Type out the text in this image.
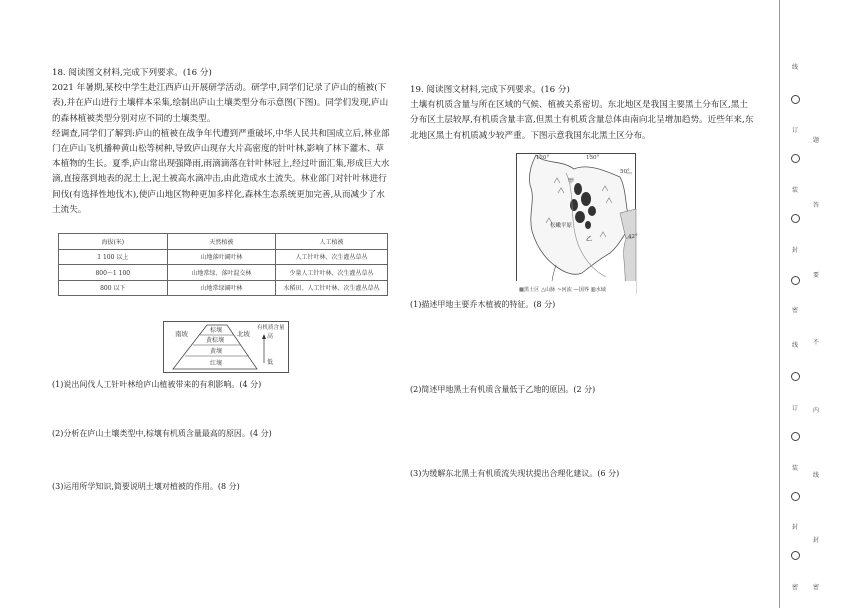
18. 阅读图文材料,完成下列要求。(16 分)

2021 年暑期,某校中学生赴江西庐山开展研学活动。研学中,同学们记录了庐山的植被(下表),并在庐山进行土壤样本采集,绘制出庐山土壤类型分布示意图(下图)。同学们发现,庐山的森林植被类型分别对应不同的土壤类型。

经调查,同学们了解到:庐山的植被在战争年代遭到严重破坏,中华人民共和国成立后,林业部门在庐山飞机播种黄山松等树种,导致庐山现存大片高密度的针叶林,影响了林下灌木、草本植物的生长。夏季,庐山常出现强降雨,雨滴滴落在针叶林冠上,经过叶面汇集,形成巨大水滴,直接落到地表的泥土上,泥土被高水滴冲击,由此造成水土流失。林业部门对针叶林进行间伐(有选择性地伐木),使庐山地区物种更加多样化,森林生态系统更加完善,从而减少了水土流失。

海拔(米)	天然植被	人工植被
1 100 以上	山地落叶阔叶林	人工针叶林、次生灌丛草丛
800～1 100	山地常绿、落叶混交林	少量人工针叶林、次生灌丛草丛
800 以下	山地常绿阔叶林	水稻田、人工针叶林、次生灌丛草丛
南坡	北坡
棕壤
黄棕壤
黄壤
红壤
有机质含量
高
低
(1)说出间伐人工针叶林给庐山植被带来的有利影响。(4 分)
(2)分析在庐山土壤类型中,棕壤有机质含量最高的原因。(4 分)
(3)运用所学知识,简要说明土壤对植被的作用。(8 分)

19. 阅读图文材料,完成下列要求。(16 分)

土壤有机质含量与所在区域的气候、植被关系密切。东北地区是我国主要黑土分布区,黑土分布区土层较厚,有机质含量丰富,但黑土有机质含量总体由南向北呈增加趋势。近些年来,东北地区黑土有机质减少较严重。下图示意我国东北黑土区分布。

120°	130°
50°
42°
甲
乙
松嫩平原
▩黑土区 △山脉 ~河流 —国界 ▥水域
(1)描述甲地主要乔木植被的特征。(8 分)
(2)简述甲地黑土有机质含量低于乙地的原因。(2 分)
(3)为缓解东北黑土有机质流失现状提出合理化建议。(6 分)
线
订
装
封
密
线
订
装
封
密
题
答
要
不
内
线
封
密
